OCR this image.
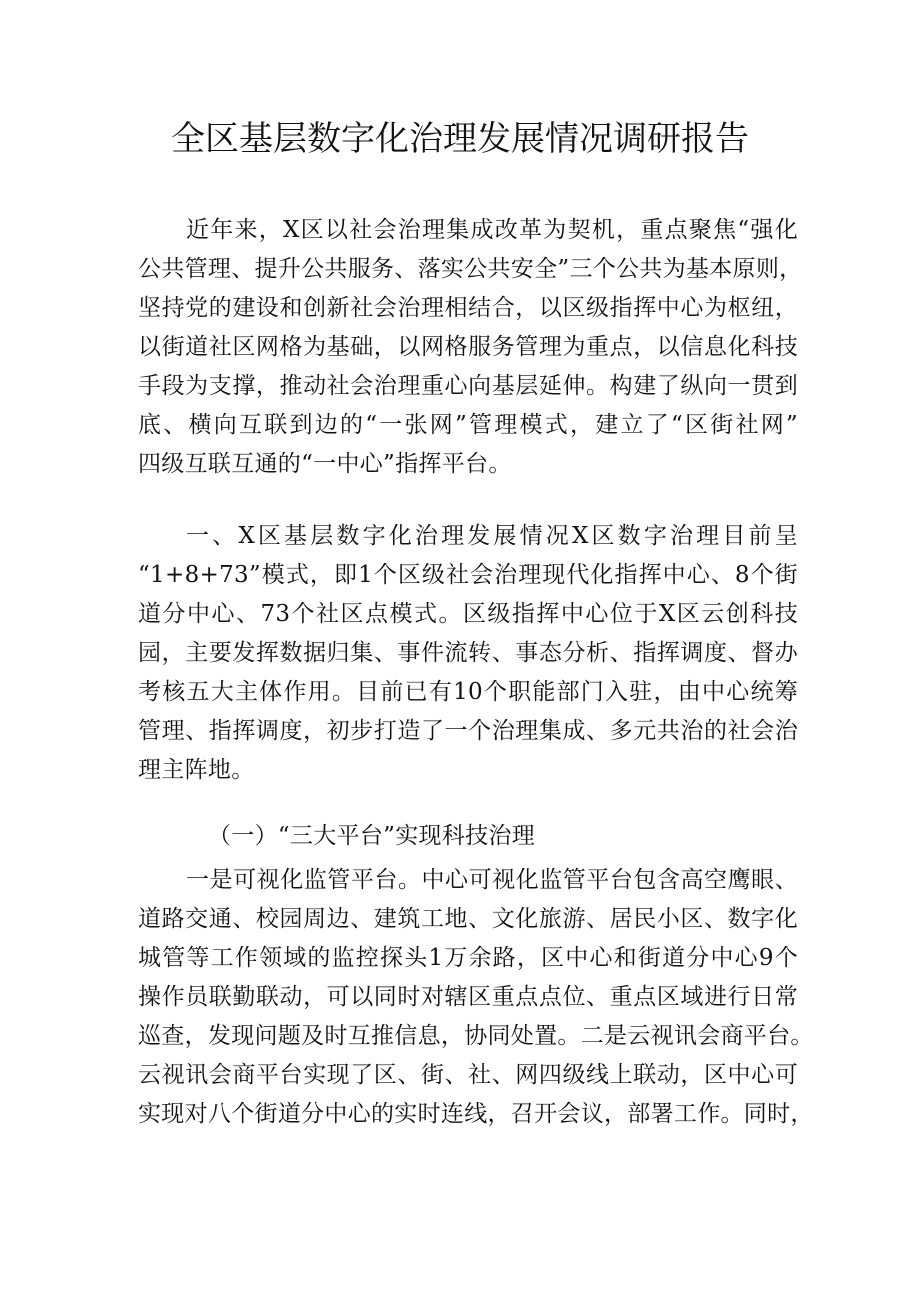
全区基层数字化治理发展情况调研报告
近年来，X区以社会治理集成改革为契机，重点聚焦“强化
公共管理、提升公共服务、落实公共安全”三个公共为基本原则，
坚持党的建设和创新社会治理相结合，以区级指挥中心为枢纽，
以街道社区网格为基础，以网格服务管理为重点，以信息化科技
手段为支撑，推动社会治理重心向基层延伸。构建了纵向一贯到
底、横向互联到边的“一张网”管理模式，建立了“区街社网”
四级互联互通的“一中心”指挥平台。
一、X区基层数字化治理发展情况X区数字治理目前呈
“1+8+73”模式，即1个区级社会治理现代化指挥中心、8个街
道分中心、73个社区点模式。区级指挥中心位于X区云创科技
园，主要发挥数据归集、事件流转、事态分析、指挥调度、督办
考核五大主体作用。目前已有10个职能部门入驻，由中心统筹
管理、指挥调度，初步打造了一个治理集成、多元共治的社会治
理主阵地。
（一）“三大平台”实现科技治理
一是可视化监管平台。中心可视化监管平台包含高空鹰眼、
道路交通、校园周边、建筑工地、文化旅游、居民小区、数字化
城管等工作领域的监控探头1万余路，区中心和街道分中心9个
操作员联勤联动，可以同时对辖区重点点位、重点区域进行日常
巡查，发现问题及时互推信息，协同处置。二是云视讯会商平台。
云视讯会商平台实现了区、街、社、网四级线上联动，区中心可
实现对八个街道分中心的实时连线，召开会议，部署工作。同时，
